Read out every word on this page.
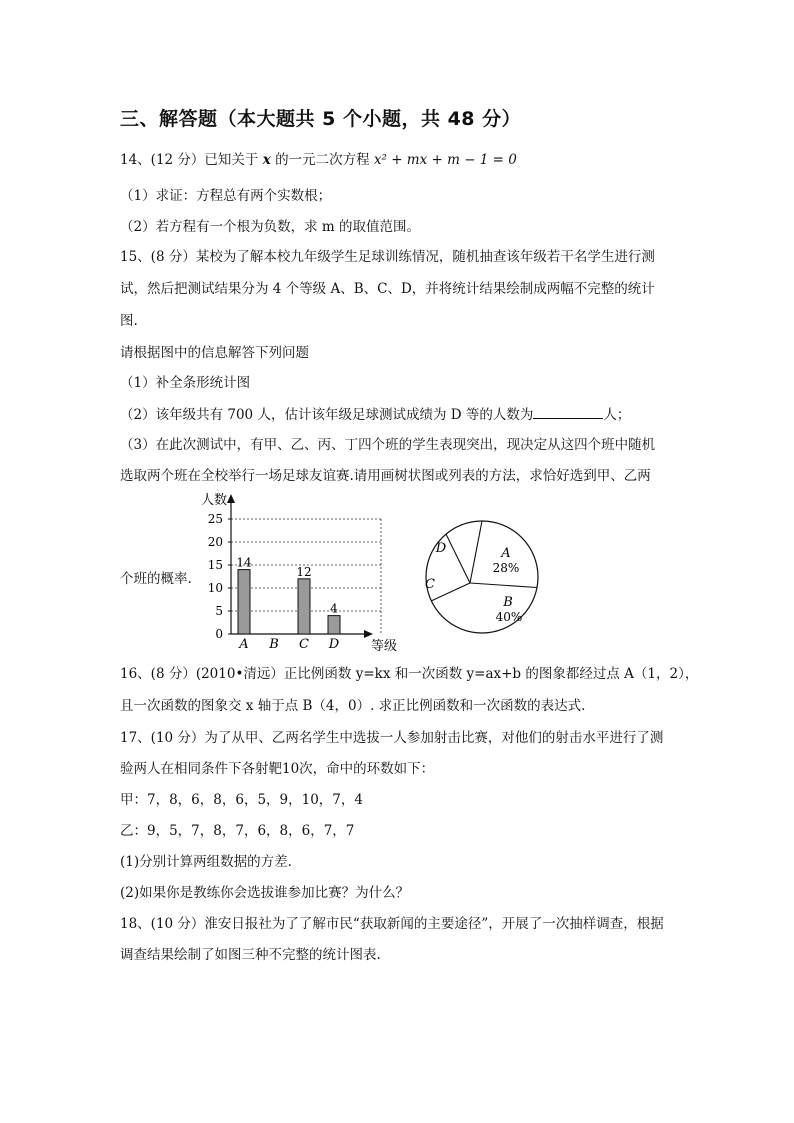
三、解答题（本大题共 5 个小题，共 48 分）
14、(12 分）已知关于 x 的一元二次方程 x² + mx + m − 1 = 0
（1）求证：方程总有两个实数根；
（2）若方程有一个根为负数，求 m 的取值范围。
15、(8 分）某校为了解本校九年级学生足球训练情况，随机抽查该年级若干名学生进行测
试，然后把测试结果分为 4 个等级 A、B、C、D，并将统计结果绘制成两幅不完整的统计
图.
请根据图中的信息解答下列问题
（1）补全条形统计图
（2）该年级共有 700 人，估计该年级足球测试成绩为 D 等的人数为	人；
（3）在此次测试中，有甲、乙、丙、丁四个班的学生表现突出，现决定从这四个班中随机
选取两个班在全校举行一场足球友谊赛.请用画树状图或列表的方法，求恰好选到甲、乙两
个班的概率.
人数
等级
0
5
10
15
20
25
14
A B
12
C
4
D
A
28%
B
40%
C
D
16、(8 分）(2010•清远）正比例函数 y=kx 和一次函数 y=ax+b 的图象都经过点 A（1，2），
且一次函数的图象交 x 轴于点 B（4，0）. 求正比例函数和一次函数的表达式.
17、(10 分）为了从甲、乙两名学生中选拔一人参加射击比赛，对他们的射击水平进行了测
验两人在相同条件下各射靶10次，命中的环数如下：
甲：7，8，6，8，6，5，9，10，7，4
乙：9，5，7，8，7，6，8，6，7，7
(1)分别计算两组数据的方差.
(2)如果你是教练你会选拔谁参加比赛？为什么？
18、(10 分）淮安日报社为了了解市民“获取新闻的主要途径”，开展了一次抽样调查，根据
调查结果绘制了如图三种不完整的统计图表.
